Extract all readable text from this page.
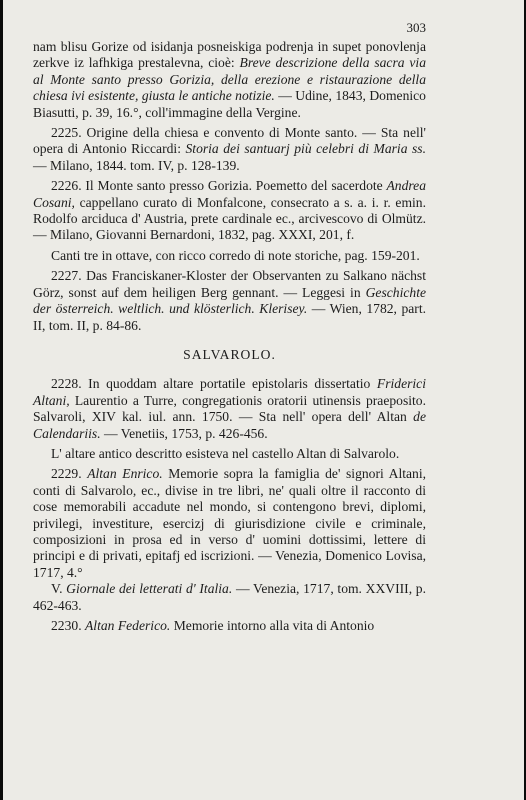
303

nam blisu Gorize od isidanja posneiskiga podrenja in supet ponovlenja zerkve iz lafhkiga prestalevna, cioè: Breve descrizione della sacra via al Monte santo presso Gorizia, della erezione e ristaurazione della chiesa ivi esistente, giusta le antiche notizie. — Udine, 1843, Domenico Biasutti, p. 39, 16.°, coll'immagine della Vergine.

2225. Origine della chiesa e convento di Monte santo. — Sta nell' opera di Antonio Riccardi: Storia dei santuarj più celebri di Maria ss. — Milano, 1844. tom. IV, p. 128-139.

2226. Il Monte santo presso Gorizia. Poemetto del sacerdote Andrea Cosani, cappellano curato di Monfalcone, consecrato a s. a. i. r. emin. Rodolfo arciduca d' Austria, prete cardinale ec., arcivescovo di Olmütz. — Milano, Giovanni Bernardoni, 1832, pag. XXXI, 201, f.

Canti tre in ottave, con ricco corredo di note storiche, pag. 159-201.

2227. Das Franciskaner-Kloster der Observanten zu Salkano nächst Görz, sonst auf dem heiligen Berg gennant. — Leggesi in Geschichte der österreich. weltlich. und klösterlich. Klerisey. — Wien, 1782, part. II, tom. II, p. 84-86.

SALVAROLO.

2228. In quoddam altare portatile epistolaris dissertatio Friderici Altani, Laurentio a Turre, congregationis oratorii utinensis praeposito. Salvaroli, XIV kal. iul. ann. 1750. — Sta nell' opera dell' Altan de Calendariis. — Venetiis, 1753, p. 426-456.

L' altare antico descritto esisteva nel castello Altan di Salvarolo.

2229. Altan Enrico. Memorie sopra la famiglia de' signori Altani, conti di Salvarolo, ec., divise in tre libri, ne' quali oltre il racconto di cose memorabili accadute nel mondo, si contengono brevi, diplomi, privilegi, investiture, esercizj di giurisdizione civile e criminale, composizioni in prosa ed in verso d' uomini dottissimi, lettere di principi e di privati, epitafj ed iscrizioni. — Venezia, Domenico Lovisa, 1717, 4.°

V. Giornale dei letterati d' Italia. — Venezia, 1717, tom. XXVIII, p. 462-463.

2230. Altan Federico. Memorie intorno alla vita di Antonio
